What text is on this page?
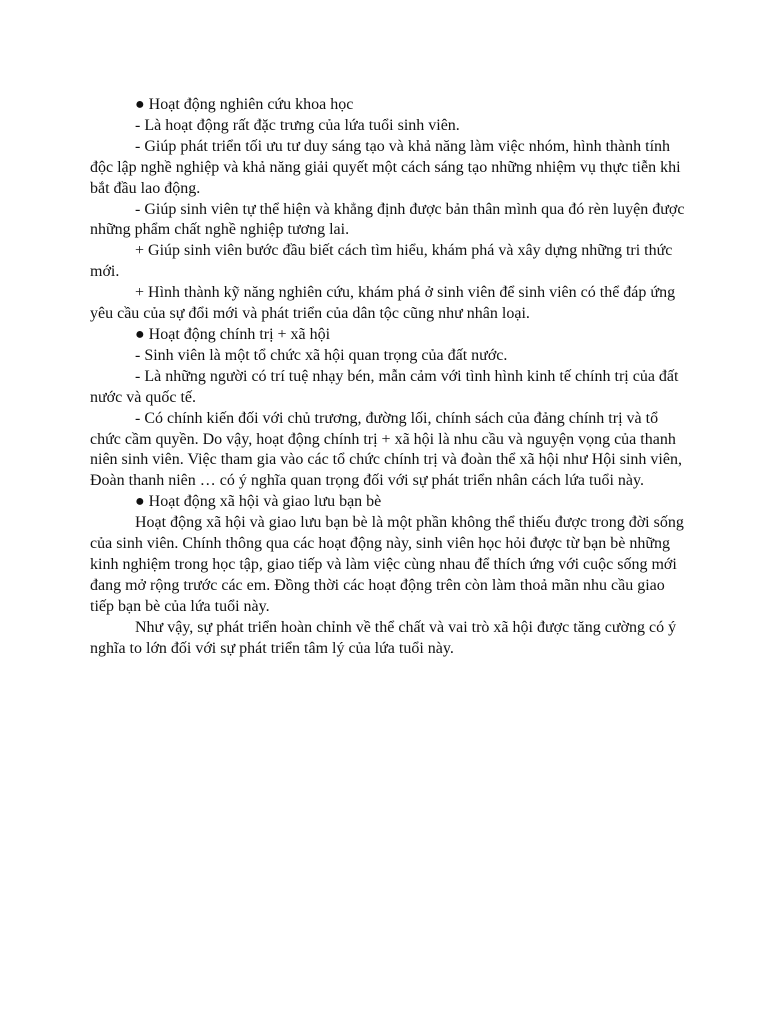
● Hoạt động nghiên cứu khoa học

- Là hoạt động rất đặc trưng của lứa tuổi sinh viên.

- Giúp phát triển tối ưu tư duy sáng tạo và khả năng làm việc nhóm, hình thành tính độc lập nghề nghiệp và khả năng giải quyết một cách sáng tạo những nhiệm vụ thực tiễn khi bắt đầu lao động.

- Giúp sinh viên tự thể hiện và khẳng định được bản thân mình qua đó rèn luyện được những phẩm chất nghề nghiệp tương lai.

+ Giúp sinh viên bước đầu biết cách tìm hiểu, khám phá và xây dựng những tri thức mới.

+ Hình thành kỹ năng nghiên cứu, khám phá ở sinh viên để sinh viên có thể đáp ứng yêu cầu của sự đổi mới và phát triển của dân tộc cũng như nhân loại.

● Hoạt động chính trị + xã hội

- Sinh viên là một tổ chức xã hội quan trọng của đất nước.

- Là những người có trí tuệ nhạy bén, mẫn cảm với tình hình kinh tế chính trị của đất nước và quốc tế.

- Có chính kiến đối với chủ trương, đường lối, chính sách của đảng chính trị và tổ chức cầm quyền. Do vậy, hoạt động chính trị + xã hội là nhu cầu và nguyện vọng của thanh niên sinh viên. Việc tham gia vào các tổ chức chính trị và đoàn thể xã hội như Hội sinh viên, Đoàn thanh niên … có ý nghĩa quan trọng đối với sự phát triển nhân cách lứa tuổi này.

● Hoạt động xã hội và giao lưu bạn bè

Hoạt động xã hội và giao lưu bạn bè là một phần không thể thiếu được trong đời sống của sinh viên. Chính thông qua các hoạt động này, sinh viên học hỏi được từ bạn bè những kinh nghiệm trong học tập, giao tiếp và làm việc cùng nhau để thích ứng với cuộc sống mới đang mở rộng trước các em. Đồng thời các hoạt động trên còn làm thoả mãn nhu cầu giao tiếp bạn bè của lứa tuổi này.

Như vậy, sự phát triển hoàn chỉnh về thể chất và vai trò xã hội được tăng cường có ý nghĩa to lớn đối với sự phát triển tâm lý của lứa tuổi này.
